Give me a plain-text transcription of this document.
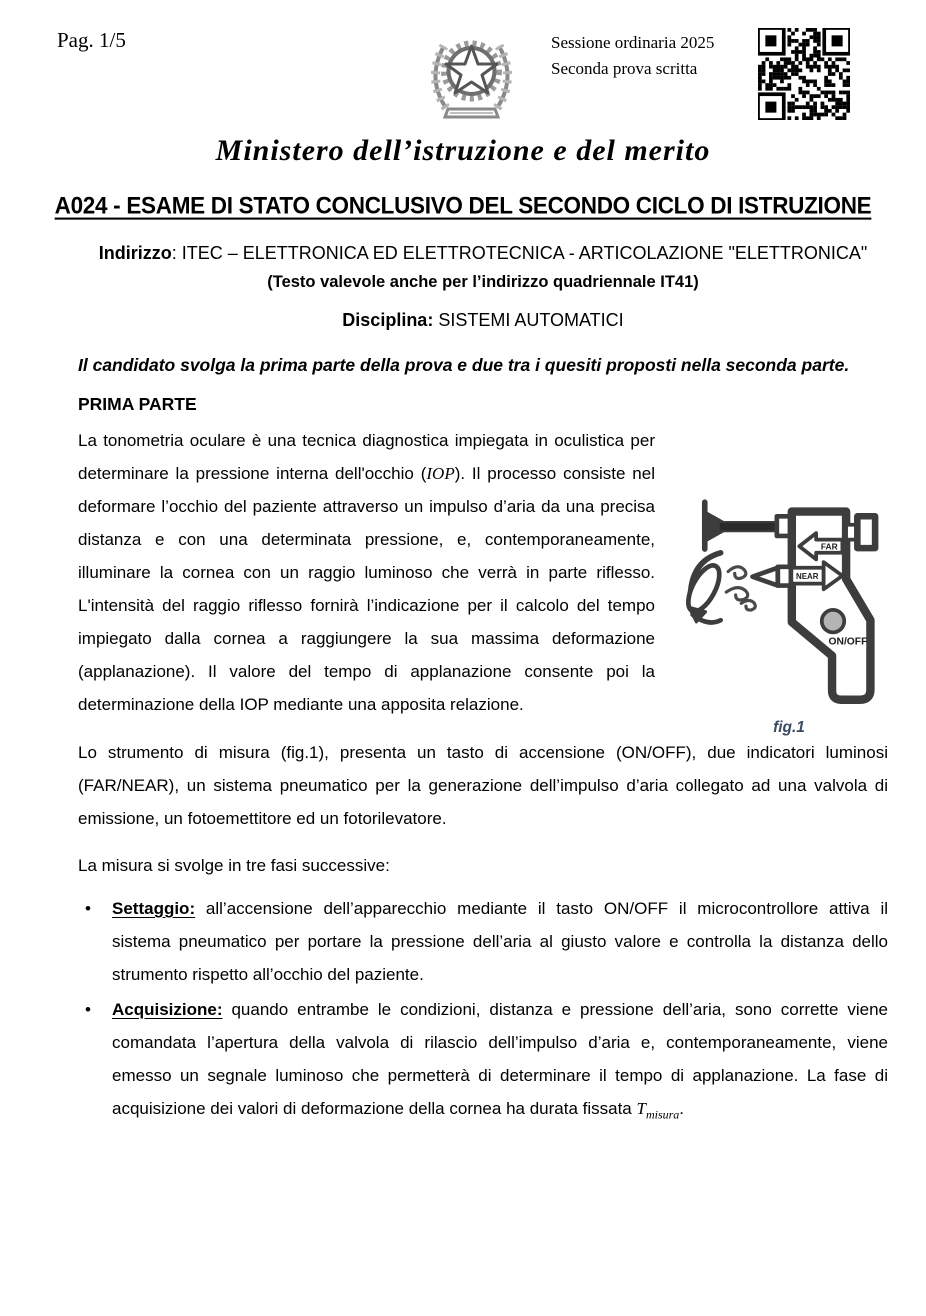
Pag. 1/5	Sessione ordinaria 2025
Seconda prova scritta
Ministero dell’istruzione e del merito
A024 - ESAME DI STATO CONCLUSIVO DEL SECONDO CICLO DI ISTRUZIONE
Indirizzo: ITEC – ELETTRONICA ED ELETTROTECNICA - ARTICOLAZIONE "ELETTRONICA"
(Testo valevole anche per l’indirizzo quadriennale IT41)
Disciplina: SISTEMI AUTOMATICI
Il candidato svolga la prima parte della prova e due tra i quesiti proposti nella seconda parte.
PRIMA PARTE
La tonometria oculare è una tecnica diagnostica impiegata in oculistica per determinare la pressione interna dell'occhio (IOP). Il processo consiste nel deformare l’occhio del paziente attraverso un impulso d’aria da una precisa distanza e con una determinata pressione, e, contemporaneamente, illuminare la cornea con un raggio luminoso che verrà in parte riflesso. L'intensità del raggio riflesso fornirà l’indicazione per il calcolo del tempo impiegato dalla cornea a raggiungere la sua massima deformazione (applanazione). Il valore del tempo di applanazione consente poi la determinazione della IOP mediante una apposita relazione.
Lo strumento di misura (fig.1), presenta un tasto di accensione (ON/OFF), due indicatori luminosi (FAR/NEAR), un sistema pneumatico per la generazione dell’impulso d’aria collegato ad una valvola di emissione, un fotoemettitore ed un fotorilevatore.
La misura si svolge in tre fasi successive:
• Settaggio: all’accensione dell’apparecchio mediante il tasto ON/OFF il microcontrollore attiva il sistema pneumatico per portare la pressione dell’aria al giusto valore e controlla la distanza dello strumento rispetto all’occhio del paziente.
• Acquisizione: quando entrambe le condizioni, distanza e pressione dell’aria, sono corrette viene comandata l’apertura della valvola di rilascio dell’impulso d’aria e, contemporaneamente, viene emesso un segnale luminoso che permetterà di determinare il tempo di applanazione. La fase di acquisizione dei valori di deformazione della cornea ha durata fissata $T_{misura}$.
FAR
NEAR
ON/OFF
fig.1
